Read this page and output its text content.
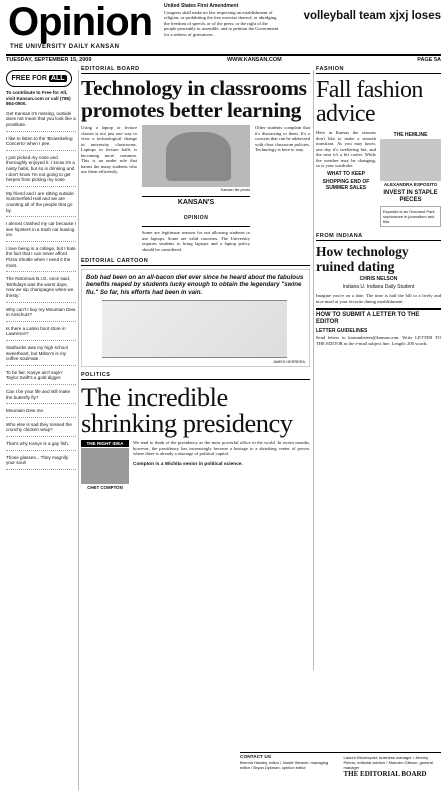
Opinion
THE UNIVERSITY DAILY KANSAN
United States First Amendment
Congress shall make no law respecting an establishment of religion, or prohibiting the free exercise thereof; or abridging the freedom of speech, or of the press; or the right of the people peaceably to assemble, and to petition the Government for a redress of grievances.
volleyball team xjxj loses
TUESDAY, SEPTEMBER 15, 2009	WWW.KANSAN.COM	PAGE 5A
FREE FOR ALL
To contribute to Free for All, visit Kansan.com or call (785) 864-0500.
Get Kansan it's missing, outside does not mean that you look like a prostitute.
I like to listen to the 'Brownkeling Concerto' when I pee.
I just picked my nose and thoroughly enjoyed it. I know it's a nasty habit, but so is drinking and I don't know I'm not going to get herpes from picking my nose.
My friend and I are sitting outside Summerfield Hall and we are counting all of the people that go by.
I almost crashed my car because I see hipsters in a trash car leaving ice.
I love being in a college, but I hate the fact that I can never afford Pizza Shuttle when I need it the most.
The Notorious B.I.G. once said, 'Birthdays was the worst days, now we sip champagne when we thirsty.'
Why can't I buy my Mountain Dew in Anschutz?
Is there a Latino boot store in Lawrence?
Starbucks was my high school sweetheart, but Milton's is my coffee soulmate.
To be fair, Kanye ain't sayin' Taylor Swift's a gold digger.
Can I be your life and still make the butterfly fly?
Mountain Dew me.
Who else is sad they missed the crunchy chicken wrap?
That's why Kanye is a gay fish.
Those glasses... They magnify your soul!
EDITORIAL BOARD
Technology in classrooms promotes better learning
Using a laptop or lecture classes is not just one way to view a technological change in university classrooms. Laptops in lecture halls is becoming more common. This is an under rule that harms the many students who use them efficiently.
Kansan file photo
KANSAN'S
OPINION
Some are legitimate reasons for not allowing students to use laptops. Some are valid concerns. The University requires students to bring laptops and a laptop policy should be considered.
Other students complain that it's distracting to them. It's a concern that can be addressed with clear classroom policies. Technology is here to stay.
EDITORIAL CARTOON
Bob had been on an all-bacon diet ever since he heard about the fabulous benefits reaped by students lucky enough to obtain the legendary "swine flu." So far, his efforts had been in vain.
JAMES HERRERA
POLITICS
The incredible shrinking presidency
THE RIGHT IDEA
CHET COMPTON
We tend to think of the presidency as the most powerful office in the world. In recent months, however, the presidency has increasingly become a hostage to a shrinking center of power, where there is already a shortage of political capital.
Compton is a Wichita senior in political science.
FASHION
Fall fashion advice
Here in Kansas the seasons don't like to make a smooth transition. As you may know, one day it's sweltering hot, and the next it's a bit cooler. While the weather may be changing, so is your wardrobe.
WHAT TO KEEP
SHOPPING END OF SUMMER SALES
THE HEMLINE
ALEXANDRA ESPOSITO
INVEST IN STAPLE PIECES
Esposito is an Overland Park sophomore in journalism and film.
FROM INDIANA
How technology ruined dating
CHRIS NELSON
Indiana U. Indiana Daily Student
Imagine you're on a date. The time is half the bill to a lively and nice meal at your favorite dining establishment.
HOW TO SUBMIT A LETTER TO THE EDITOR
LETTER GUIDELINES
Send letters to kansanletters@kansan.com. Write LETTER TO THE EDITOR in the e-mail subject line. Length: 200 words.
CONTACT US
Brenna Hawley, editor / Jackie Weaver, managing editor / Bryan Dykman, opinion editor
Lauren Bloomquist, business manager / Jeremy Peters, editorial adviser / Malcolm Gibson, general manager
THE EDITORIAL BOARD
